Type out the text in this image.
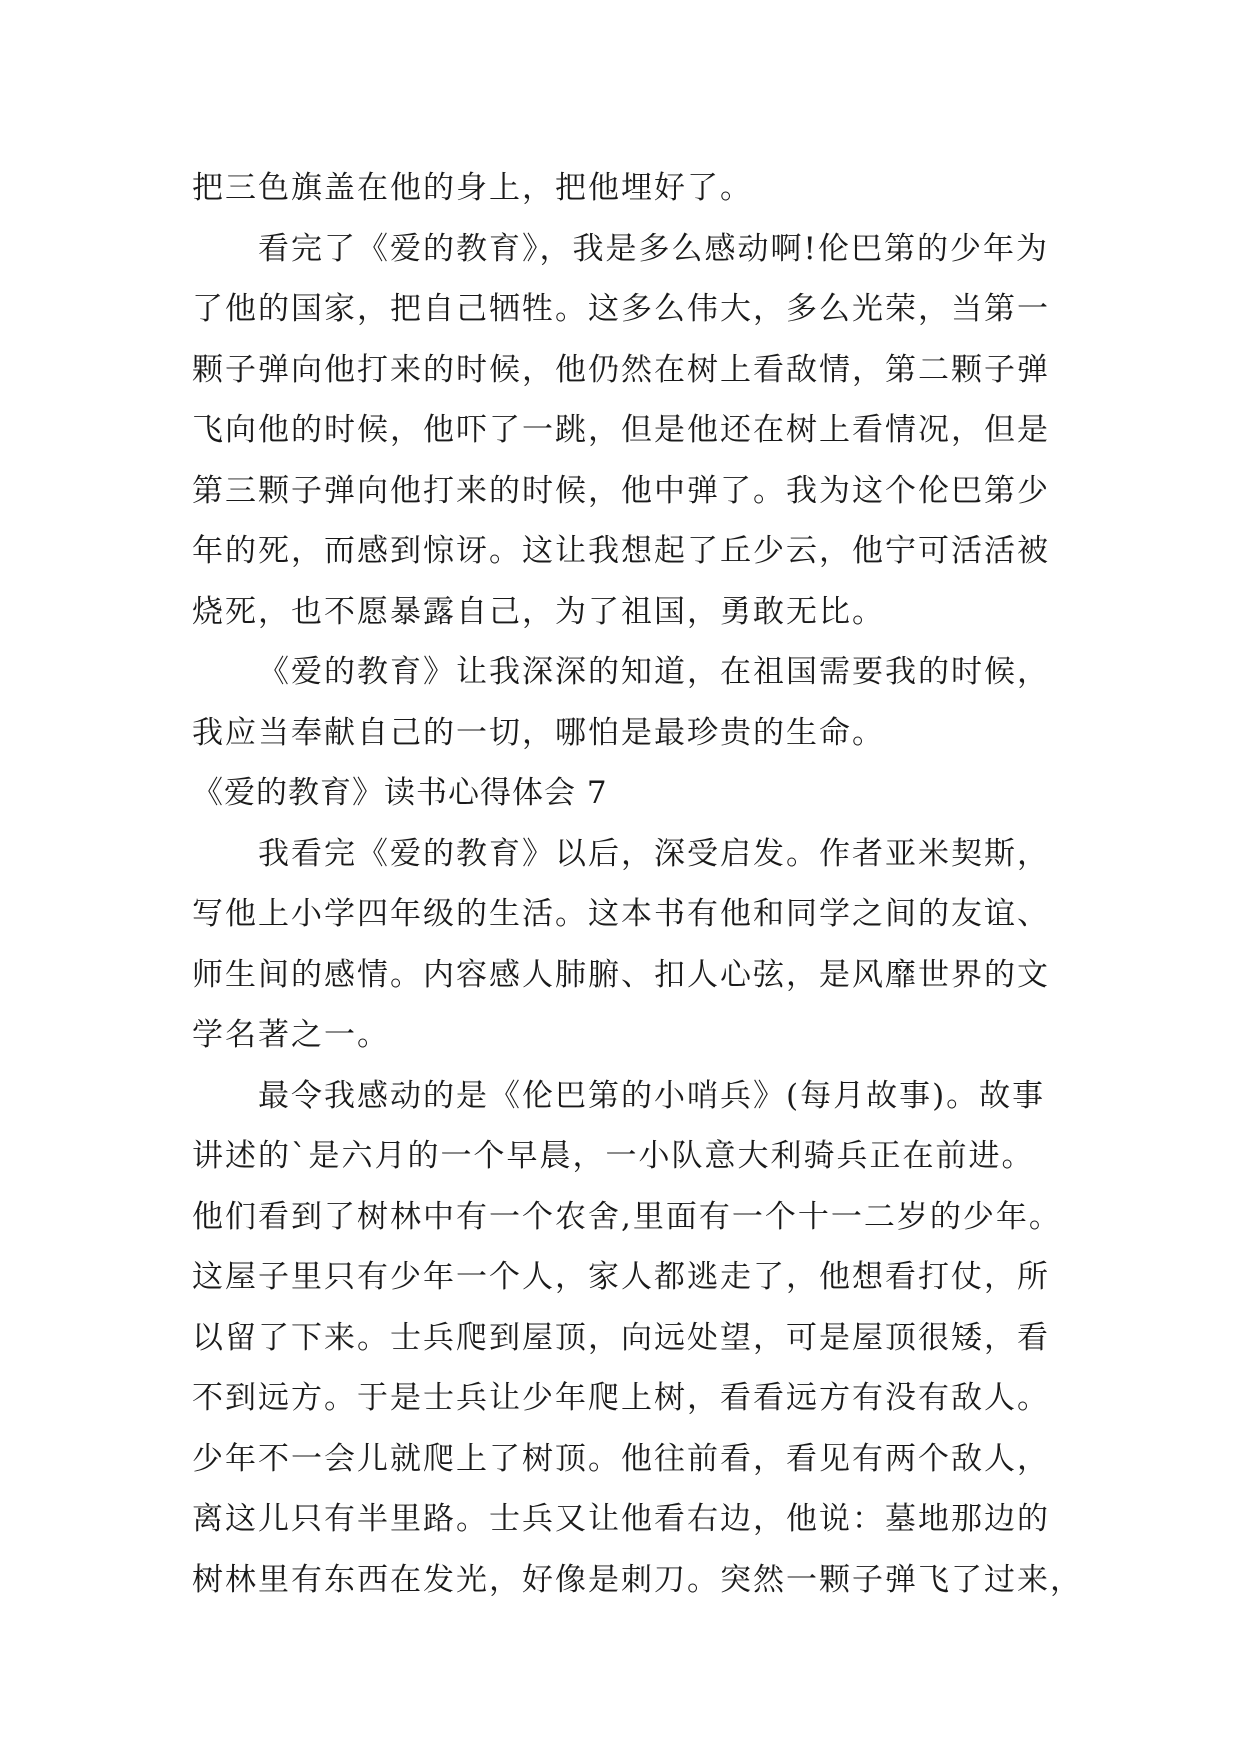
把三色旗盖在他的身上，把他埋好了。
看完了《爱的教育》，我是多么感动啊!伦巴第的少年为
了他的国家，把自己牺牲。这多么伟大，多么光荣，当第一
颗子弹向他打来的时候，他仍然在树上看敌情，第二颗子弹
飞向他的时候，他吓了一跳，但是他还在树上看情况，但是
第三颗子弹向他打来的时候，他中弹了。我为这个伦巴第少
年的死，而感到惊讶。这让我想起了丘少云，他宁可活活被
烧死，也不愿暴露自己，为了祖国，勇敢无比。
《爱的教育》让我深深的知道，在祖国需要我的时候，
我应当奉献自己的一切，哪怕是最珍贵的生命。
《爱的教育》读书心得体会 7
我看完《爱的教育》以后，深受启发。作者亚米契斯，
写他上小学四年级的生活。这本书有他和同学之间的友谊、
师生间的感情。内容感人肺腑、扣人心弦，是风靡世界的文
学名著之一。
最令我感动的是《伦巴第的小哨兵》(每月故事)。故事
讲述的`是六月的一个早晨，一小队意大利骑兵正在前进。
他们看到了树林中有一个农舍,里面有一个十一二岁的少年。
这屋子里只有少年一个人，家人都逃走了，他想看打仗，所
以留了下来。士兵爬到屋顶，向远处望，可是屋顶很矮，看
不到远方。于是士兵让少年爬上树，看看远方有没有敌人。
少年不一会儿就爬上了树顶。他往前看，看见有两个敌人，
离这儿只有半里路。士兵又让他看右边，他说：墓地那边的
树林里有东西在发光，好像是刺刀。突然一颗子弹飞了过来，
